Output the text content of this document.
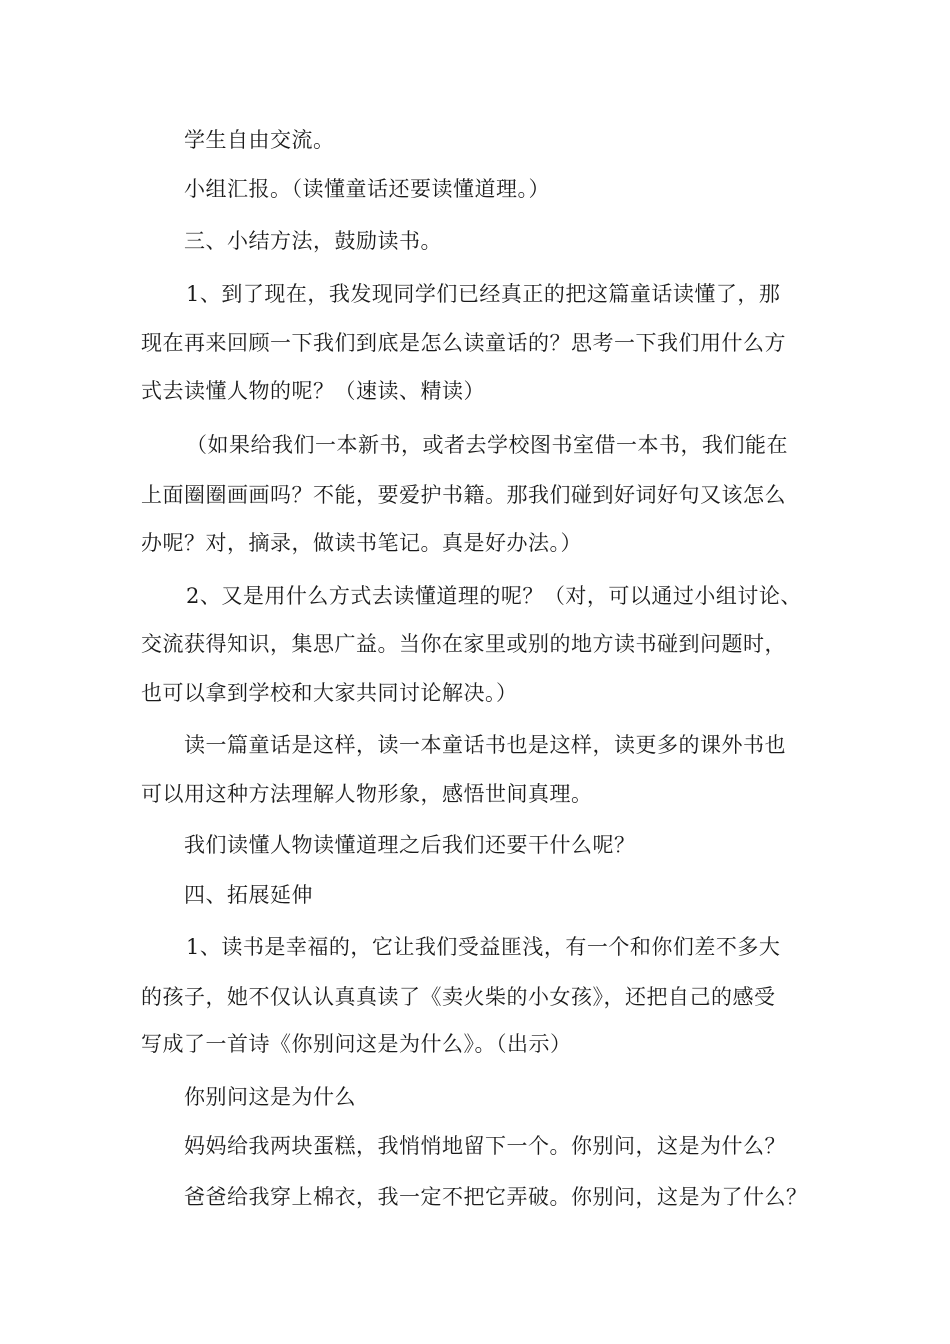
学生自由交流。
小组汇报。（读懂童话还要读懂道理。）
三、小结方法，鼓励读书。
1、到了现在，我发现同学们已经真正的把这篇童话读懂了，那
现在再来回顾一下我们到底是怎么读童话的？思考一下我们用什么方
式去读懂人物的呢？（速读、精读）
（如果给我们一本新书，或者去学校图书室借一本书，我们能在
上面圈圈画画吗？不能，要爱护书籍。那我们碰到好词好句又该怎么
办呢？对，摘录，做读书笔记。真是好办法。）
2、又是用什么方式去读懂道理的呢？（对，可以通过小组讨论、
交流获得知识，集思广益。当你在家里或别的地方读书碰到问题时，
也可以拿到学校和大家共同讨论解决。）
读一篇童话是这样，读一本童话书也是这样，读更多的课外书也
可以用这种方法理解人物形象，感悟世间真理。
我们读懂人物读懂道理之后我们还要干什么呢？
四、拓展延伸
1、读书是幸福的，它让我们受益匪浅，有一个和你们差不多大
的孩子，她不仅认认真真读了《卖火柴的小女孩》，还把自己的感受
写成了一首诗《你别问这是为什么》。（出示）
你别问这是为什么
妈妈给我两块蛋糕，我悄悄地留下一个。你别问，这是为什么？
爸爸给我穿上棉衣，我一定不把它弄破。你别问，这是为了什么？
